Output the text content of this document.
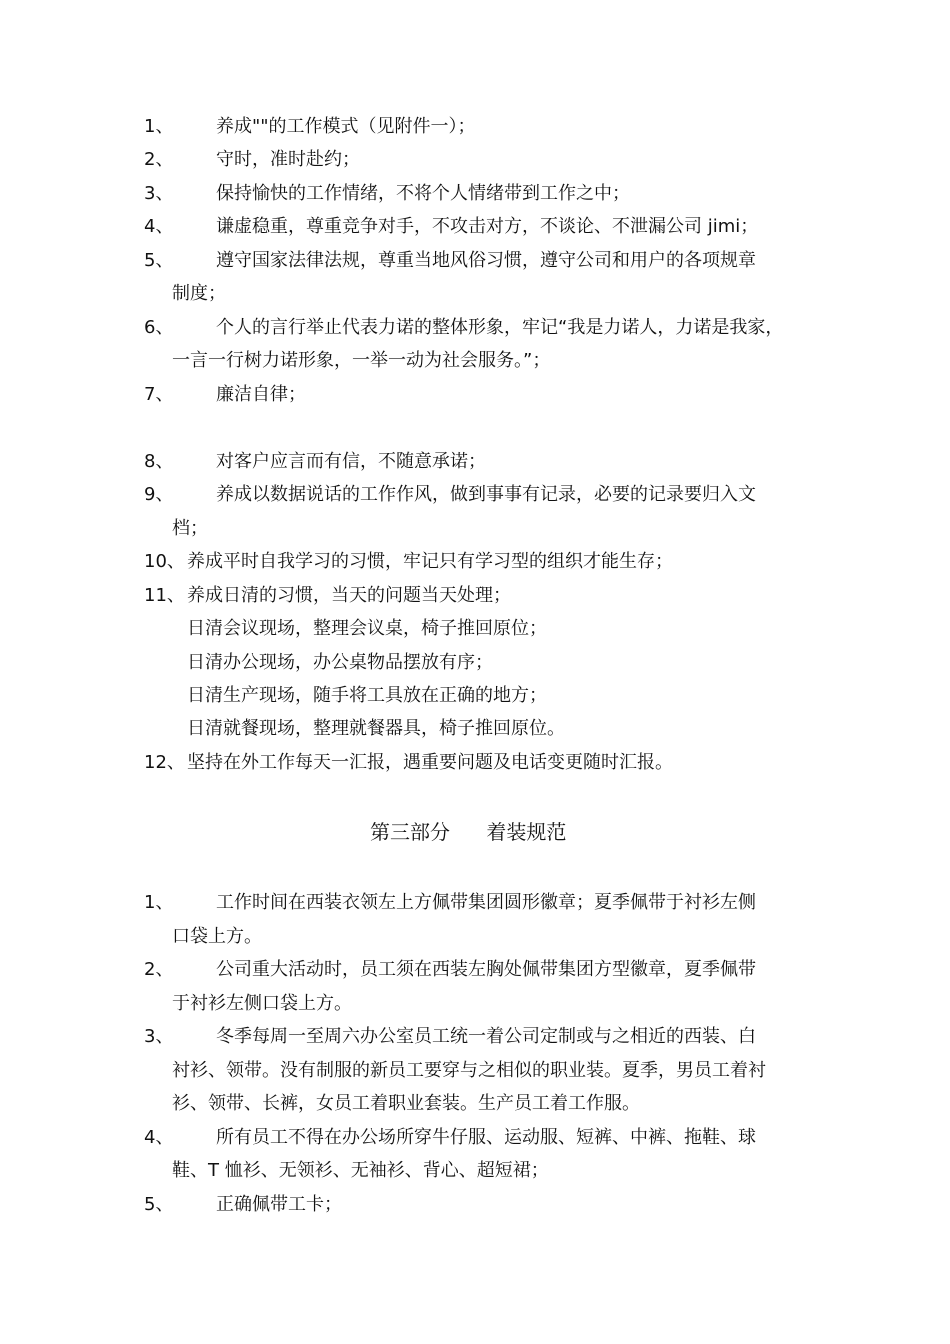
1、 养成""的工作模式（见附件一）；
2、 守时，准时赴约；
3、 保持愉快的工作情绪，不将个人情绪带到工作之中；
4、 谦虚稳重，尊重竞争对手，不攻击对方，不谈论、不泄漏公司 jimi；
5、 遵守国家法律法规，尊重当地风俗习惯，遵守公司和用户的各项规章
制度；
6、 个人的言行举止代表力诺的整体形象，牢记“我是力诺人，力诺是我家，
一言一行树力诺形象，一举一动为社会服务。”；
7、 廉洁自律；
8、 对客户应言而有信，不随意承诺；
9、 养成以数据说话的工作作风，做到事事有记录，必要的记录要归入文
档；
10、 养成平时自我学习的习惯，牢记只有学习型的组织才能生存；
11、 养成日清的习惯，当天的问题当天处理；
日清会议现场，整理会议桌，椅子推回原位；
日清办公现场，办公桌物品摆放有序；
日清生产现场，随手将工具放在正确的地方；
日清就餐现场，整理就餐器具，椅子推回原位。
12、 坚持在外工作每天一汇报，遇重要问题及电话变更随时汇报。
第三部分 着装规范
1、 工作时间在西装衣领左上方佩带集团圆形徽章；夏季佩带于衬衫左侧
口袋上方。
2、 公司重大活动时，员工须在西装左胸处佩带集团方型徽章，夏季佩带
于衬衫左侧口袋上方。
3、 冬季每周一至周六办公室员工统一着公司定制或与之相近的西装、白
衬衫、领带。没有制服的新员工要穿与之相似的职业装。夏季，男员工着衬
衫、领带、长裤，女员工着职业套装。生产员工着工作服。
4、 所有员工不得在办公场所穿牛仔服、运动服、短裤、中裤、拖鞋、球
鞋、T 恤衫、无领衫、无袖衫、背心、超短裙；
5、 正确佩带工卡；
